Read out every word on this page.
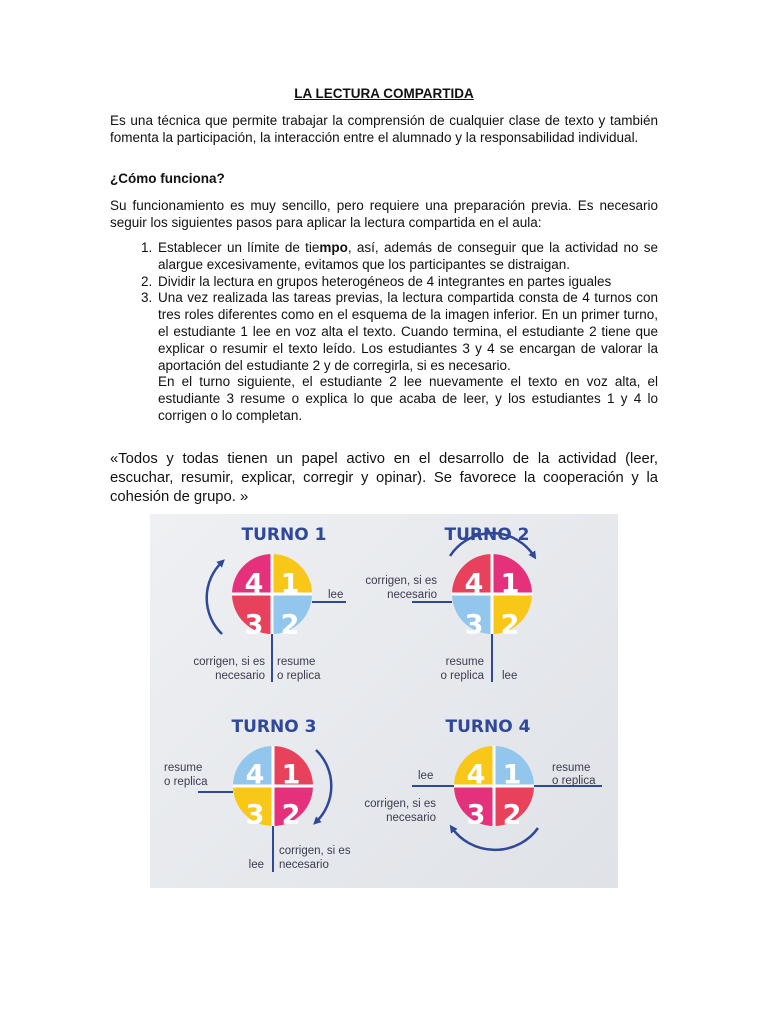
LA LECTURA COMPARTIDA

Es una técnica que permite trabajar la comprensión de cualquier clase de texto y también fomenta la participación, la interacción entre el alumnado y la responsabilidad individual.

¿Cómo funciona?

Su funcionamiento es muy sencillo, pero requiere una preparación previa. Es necesario seguir los siguientes pasos para aplicar la lectura compartida en el aula:

1. Establecer un límite de tiempo, así, además de conseguir que la actividad no se alargue excesivamente, evitamos que los participantes se distraigan.
2. Dividir la lectura en grupos heterogéneos de 4 integrantes en partes iguales
3. Una vez realizada las tareas previas, la lectura compartida consta de 4 turnos con tres roles diferentes como en el esquema de la imagen inferior. En un primer turno, el estudiante 1 lee en voz alta el texto. Cuando termina, el estudiante 2 tiene que explicar o resumir el texto leído. Los estudiantes 3 y 4 se encargan de valorar la aportación del estudiante 2 y de corregirla, si es necesario.
En el turno siguiente, el estudiante 2 lee nuevamente el texto en voz alta, el estudiante 3 resume o explica lo que acaba de leer, y los estudiantes 1 y 4 lo corrigen o lo completan.

«Todos y todas tienen un papel activo en el desarrollo de la actividad (leer, escuchar, resumir, explicar, corregir y opinar). Se favorece la cooperación y la cohesión de grupo. »

TURNO 1
4 1
3 2
lee
resume
o replica
corrigen, si es
necesario
TURNO 2
4 1
3 2
corrigen, si es
necesario
resume
o replica lee
TURNO 3
4 1
3 2
resume
o replica
lee
corrigen, si es
necesario
TURNO 4
4 1
3 2
lee
resume
o replica
corrigen, si es
necesario
